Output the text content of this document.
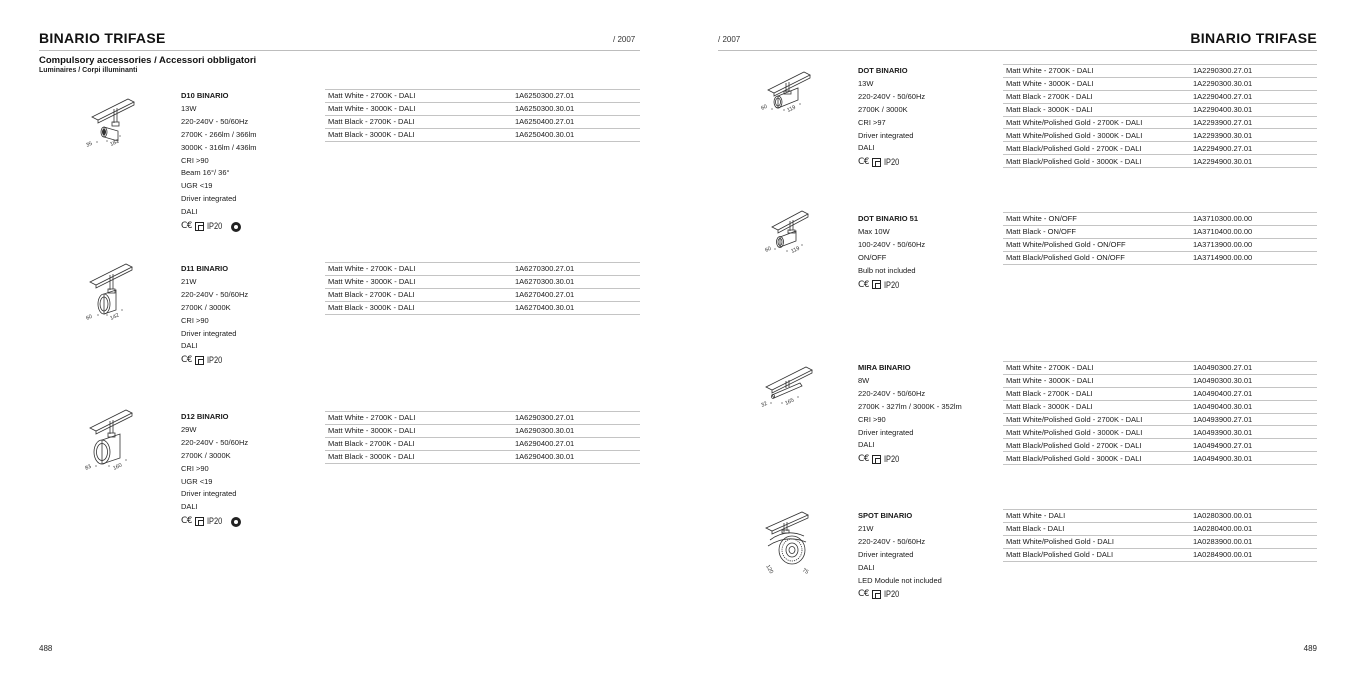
BINARIO TRIFASE	/ 2007
Compulsory accessories / Accessori obbligatori
Luminaires / Corpi illuminanti
/ 2007	BINARIO TRIFASE
35	182
D10 BINARIO
13W
220-240V - 50/60Hz
2700K - 266lm / 366lm
3000K - 316lm / 436lm
CRI >90
Beam 16°/ 36°
UGR <19
Driver integrated
DALI
C€ IP20
Matt White - 2700K - DALI	1A6250300.27.01
Matt White - 3000K - DALI	1A6250300.30.01
Matt Black - 2700K - DALI	1A6250400.27.01
Matt Black - 3000K - DALI	1A6250400.30.01
60	142
D11 BINARIO
21W
220-240V - 50/60Hz
2700K / 3000K
CRI >90
Driver integrated
DALI
C€ IP20
Matt White - 2700K - DALI	1A6270300.27.01
Matt White - 3000K - DALI	1A6270300.30.01
Matt Black - 2700K - DALI	1A6270400.27.01
Matt Black - 3000K - DALI	1A6270400.30.01
83	160
D12 BINARIO
29W
220-240V - 50/60Hz
2700K / 3000K
CRI >90
UGR <19
Driver integrated
DALI
C€ IP20
Matt White - 2700K - DALI	1A6290300.27.01
Matt White - 3000K - DALI	1A6290300.30.01
Matt Black - 2700K - DALI	1A6290400.27.01
Matt Black - 3000K - DALI	1A6290400.30.01
488
60	119
DOT BINARIO
13W
220-240V - 50/60Hz
2700K / 3000K
CRI >97
Driver integrated
DALI
C€ IP20
Matt White - 2700K - DALI	1A2290300.27.01
Matt White - 3000K - DALI	1A2290300.30.01
Matt Black - 2700K - DALI	1A2290400.27.01
Matt Black - 3000K - DALI	1A2290400.30.01
Matt White/Polished Gold - 2700K - DALI	1A2293900.27.01
Matt White/Polished Gold - 3000K - DALI	1A2293900.30.01
Matt Black/Polished Gold - 2700K - DALI	1A2294900.27.01
Matt Black/Polished Gold - 3000K - DALI	1A2294900.30.01
60	119
DOT BINARIO 51
Max 10W
100-240V - 50/60Hz
ON/OFF
Bulb not included
C€ IP20
Matt White - ON/OFF	1A3710300.00.00
Matt Black - ON/OFF	1A3710400.00.00
Matt White/Polished Gold - ON/OFF	1A3713900.00.00
Matt Black/Polished Gold - ON/OFF	1A3714900.00.00
32	165
MIRA BINARIO
8W
220-240V - 50/60Hz
2700K - 327lm / 3000K - 352lm
CRI >90
Driver integrated
DALI
C€ IP20
Matt White - 2700K - DALI	1A0490300.27.01
Matt White - 3000K - DALI	1A0490300.30.01
Matt Black - 2700K - DALI	1A0490400.27.01
Matt Black - 3000K - DALI	1A0490400.30.01
Matt White/Polished Gold - 2700K - DALI	1A0493900.27.01
Matt White/Polished Gold - 3000K - DALI	1A0493900.30.01
Matt Black/Polished Gold - 2700K - DALI	1A0494900.27.01
Matt Black/Polished Gold - 3000K - DALI	1A0494900.30.01
120	75
SPOT BINARIO
21W
220-240V - 50/60Hz
Driver integrated
DALI
LED Module not included
C€ IP20
Matt White - DALI	1A0280300.00.01
Matt Black - DALI	1A0280400.00.01
Matt White/Polished Gold - DALI	1A0283900.00.01
Matt Black/Polished Gold - DALI	1A0284900.00.01
489
